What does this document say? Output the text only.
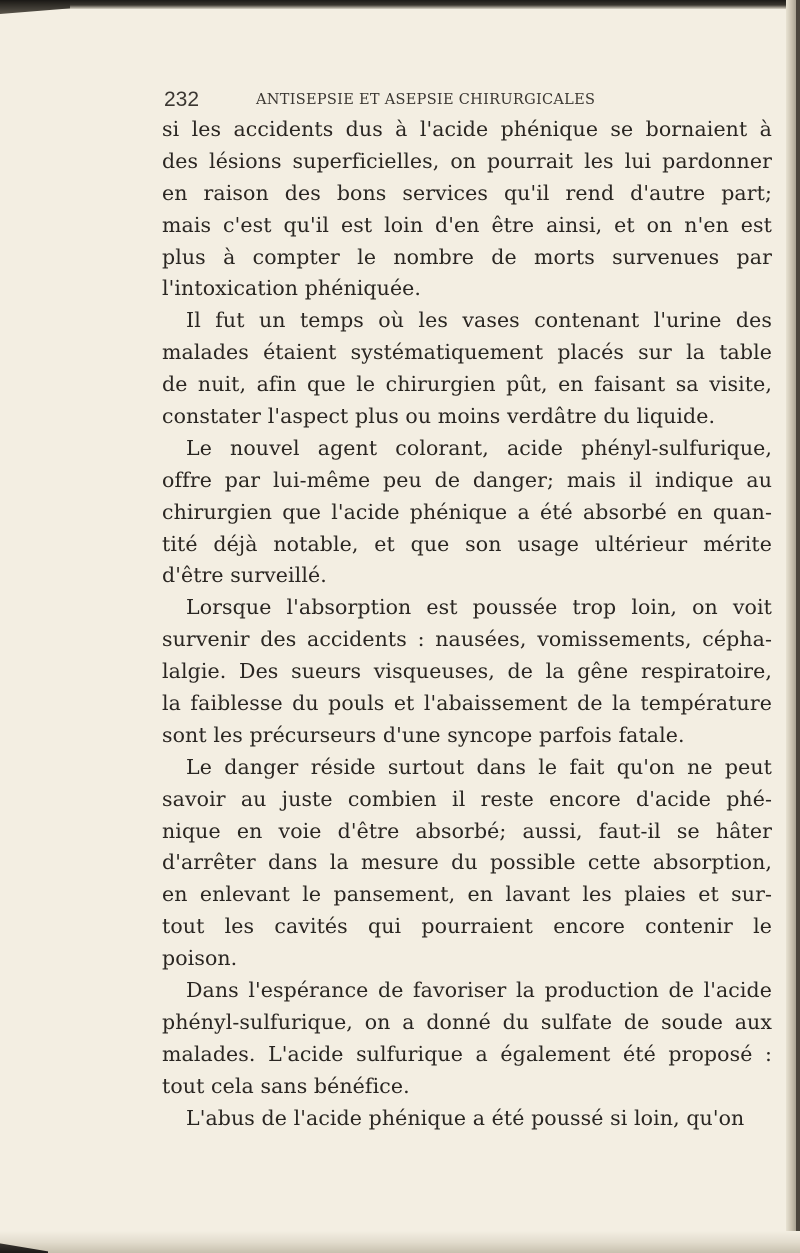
232	ANTISEPSIE ET ASEPSIE CHIRURGICALES
si les accidents dus à l'acide phénique se bornaient à
des lésions superficielles, on pourrait les lui pardonner
en raison des bons services qu'il rend d'autre part;
mais c'est qu'il est loin d'en être ainsi, et on n'en est
plus à compter le nombre de morts survenues par
l'intoxication phéniquée.
Il fut un temps où les vases contenant l'urine des
malades étaient systématiquement placés sur la table
de nuit, afin que le chirurgien pût, en faisant sa visite,
constater l'aspect plus ou moins verdâtre du liquide.
Le nouvel agent colorant, acide phényl-sulfurique,
offre par lui-même peu de danger; mais il indique au
chirurgien que l'acide phénique a été absorbé en quan-
tité déjà notable, et que son usage ultérieur mérite
d'être surveillé.
Lorsque l'absorption est poussée trop loin, on voit
survenir des accidents : nausées, vomissements, cépha-
lalgie. Des sueurs visqueuses, de la gêne respiratoire,
la faiblesse du pouls et l'abaissement de la température
sont les précurseurs d'une syncope parfois fatale.
Le danger réside surtout dans le fait qu'on ne peut
savoir au juste combien il reste encore d'acide phé-
nique en voie d'être absorbé; aussi, faut-il se hâter
d'arrêter dans la mesure du possible cette absorption,
en enlevant le pansement, en lavant les plaies et sur-
tout les cavités qui pourraient encore contenir le
poison.
Dans l'espérance de favoriser la production de l'acide
phényl-sulfurique, on a donné du sulfate de soude aux
malades. L'acide sulfurique a également été proposé :
tout cela sans bénéfice.
L'abus de l'acide phénique a été poussé si loin, qu'on
